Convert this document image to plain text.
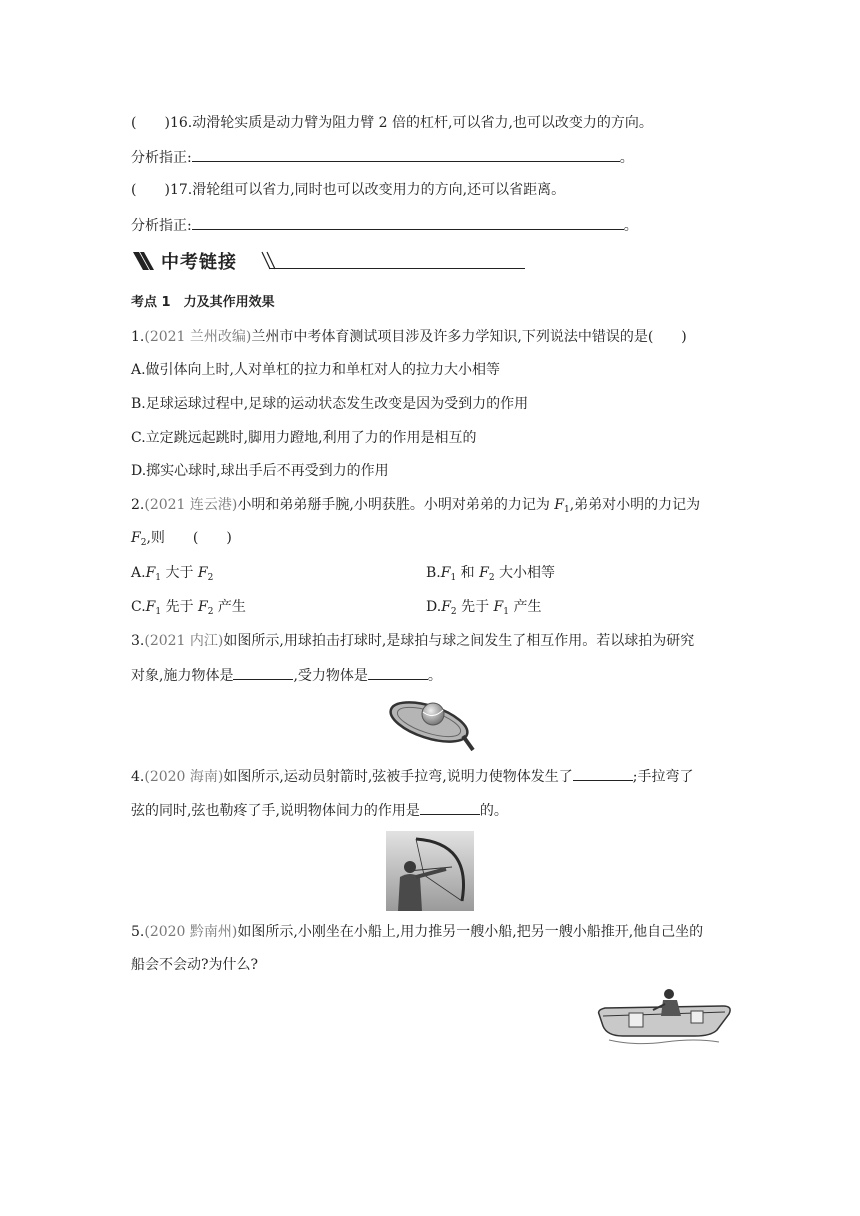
(　　)16.动滑轮实质是动力臂为阻力臂 2 倍的杠杆,可以省力,也可以改变力的方向。
分析指正:	。
(　　)17.滑轮组可以省力,同时也可以改变用力的方向,还可以省距离。
分析指正:	。
中考链接
考点 1　力及其作用效果
1.(2021 兰州改编)兰州市中考体育测试项目涉及许多力学知识,下列说法中错误的是(　　)
A.做引体向上时,人对单杠的拉力和单杠对人的拉力大小相等
B.足球运球过程中,足球的运动状态发生改变是因为受到力的作用
C.立定跳远起跳时,脚用力蹬地,利用了力的作用是相互的
D.掷实心球时,球出手后不再受到力的作用
2.(2021 连云港)小明和弟弟掰手腕,小明获胜。小明对弟弟的力记为 $F_1$,弟弟对小明的力记为
$F_2$,则　　(　　)
$A.F_1$ 大于 $F_2$	$B.F_1$ 和 $F_2$ 大小相等
$C.F_1$ 先于 $F_2$ 产生	$D.F_2$ 先于 $F_1$ 产生
3.(2021 内江)如图所示,用球拍击打球时,是球拍与球之间发生了相互作用。若以球拍为研究
对象,施力物体是	,受力物体是	。
4.(2020 海南)如图所示,运动员射箭时,弦被手拉弯,说明力使物体发生了	;手拉弯了
弦的同时,弦也勒疼了手,说明物体间力的作用是	的。
5.(2020 黔南州)如图所示,小刚坐在小船上,用力推另一艘小船,把另一艘小船推开,他自己坐的
船会不会动?为什么?
